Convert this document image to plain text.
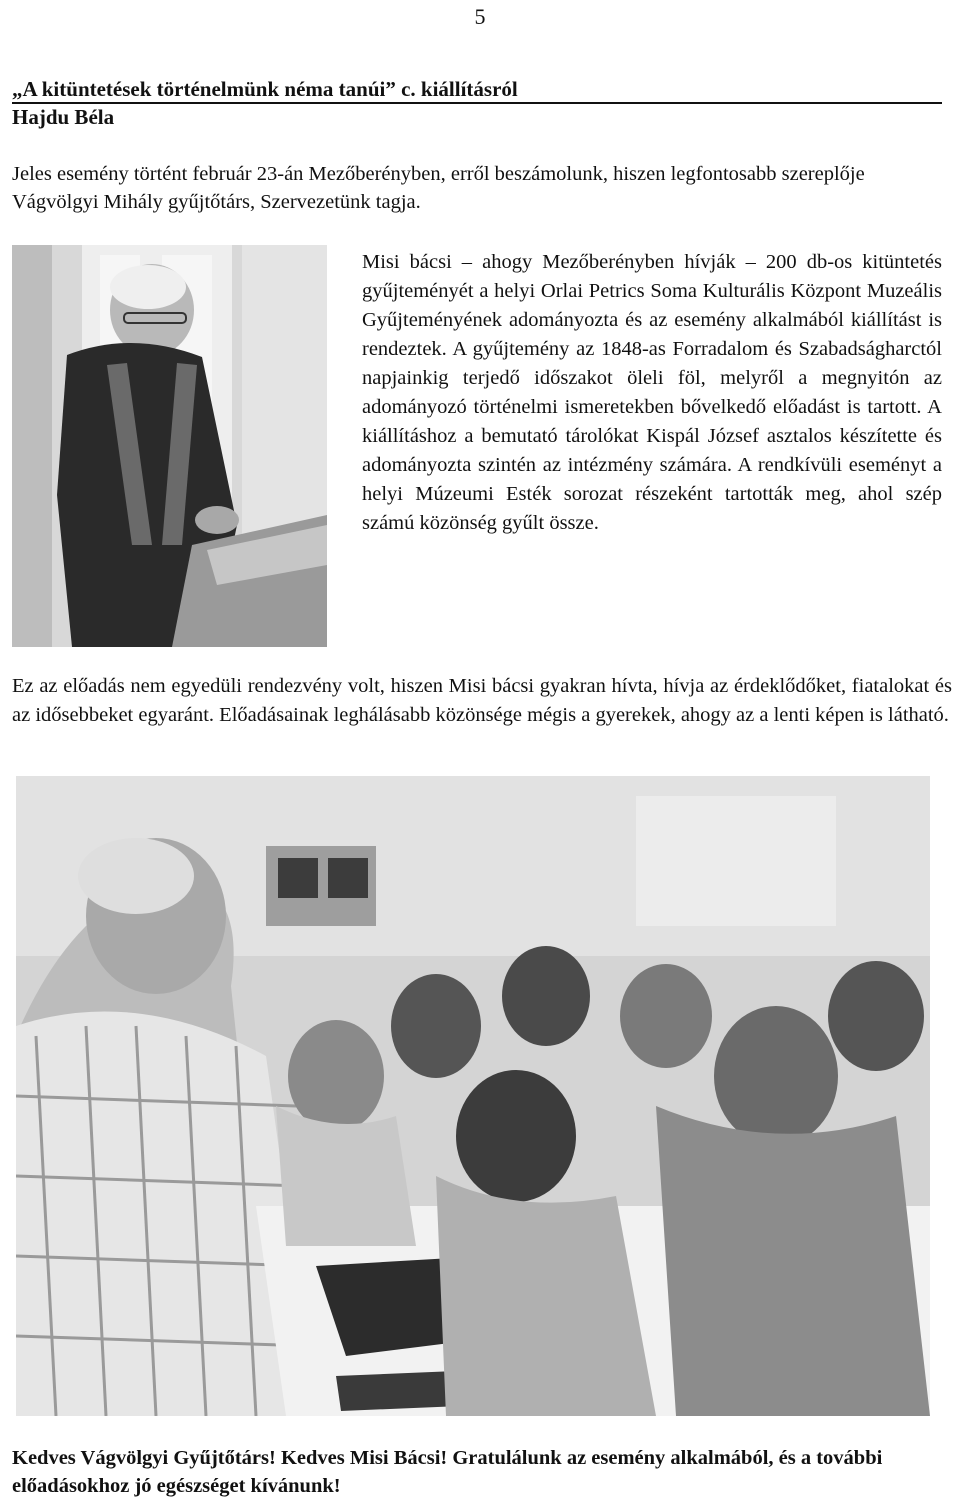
5
„A kitüntetések történelmünk néma tanúi” c. kiállításról
Hajdu Béla
Jeles esemény történt február 23-án Mezőberényben, erről beszámolunk, hiszen legfontosabb szereplője Vágvölgyi Mihály gyűjtőtárs, Szervezetünk tagja.
Misi bácsi – ahogy Mezőberényben hívják – 200 db-os kitüntetés gyűjteményét a helyi Orlai Petrics Soma Kulturális Központ Muzeális Gyűjteményének adományozta és az esemény alkalmából kiállítást is rendeztek. A gyűjtemény az 1848-as Forradalom és Szabadságharctól napjainkig terjedő időszakot öleli föl, melyről a megnyitón az adományozó történelmi ismeretekben bővelkedő előadást is tartott. A kiállításhoz a bemutató tárolókat Kispál József asztalos készítette és adományozta szintén az intézmény számára. A rendkívüli eseményt a helyi Múzeumi Esték sorozat részeként tartották meg, ahol szép számú közönség gyűlt össze.
Ez az előadás nem egyedüli rendezvény volt, hiszen Misi bácsi gyakran hívta, hívja az érdeklődőket, fiatalokat és az idősebbeket egyaránt. Előadásainak leghálásabb közönsége mégis a gyerekek, ahogy az a lenti képen is látható.
Kedves Vágvölgyi Gyűjtőtárs! Kedves Misi Bácsi! Gratulálunk az esemény alkalmából, és a további előadásokhoz jó egészséget kívánunk!
